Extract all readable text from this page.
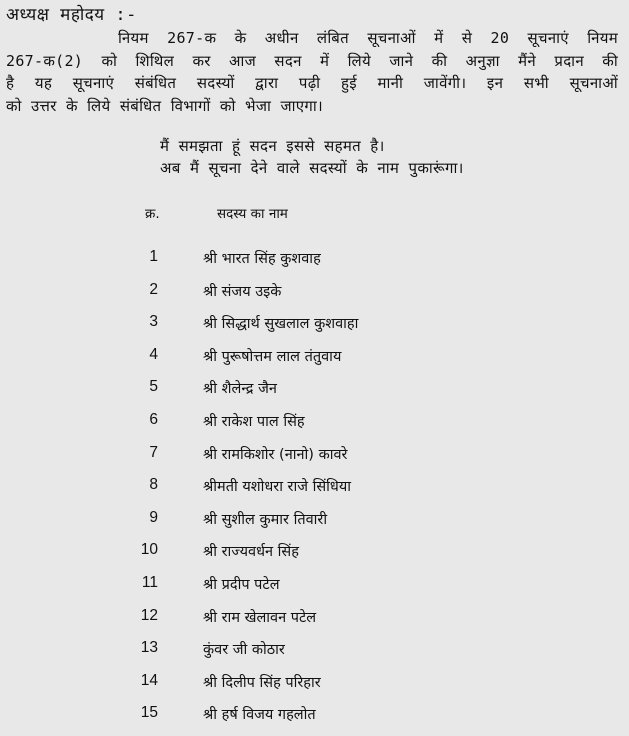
अध्यक्ष महोदय :-
नियम 267-क के अधीन लंबित सूचनाओं में से 20 सूचनाएं नियम
267-क(2) को शिथिल कर आज सदन में लिये जाने की अनुज्ञा मैंने प्रदान की
है यह सूचनाएं संबंधित सदस्यों द्वारा पढ़ी हुई मानी जावेंगी। इन सभी सूचनाओं
को उत्तर के लिये संबंधित विभागों को भेजा जाएगा।
मैं समझता हूं सदन इससे सहमत है।
अब मैं सूचना देने वाले सदस्यों के नाम पुकारूंगा।
क्र.	सदस्य का नाम
1	श्री भारत सिंह कुशवाह
2	श्री संजय उइके
3	श्री सिद्धार्थ सुखलाल कुशवाहा
4	श्री पुरूषोत्तम लाल तंतुवाय
5	श्री शैलेन्द्र जैन
6	श्री राकेश पाल सिंह
7	श्री रामकिशोर (नानो) कावरे
8	श्रीमती यशोधरा राजे सिंधिया
9	श्री सुशील कुमार तिवारी
10	श्री राज्यवर्धन सिंह
11	श्री प्रदीप पटेल
12	श्री राम खेलावन पटेल
13	कुंवर जी कोठार
14	श्री दिलीप सिंह परिहार
15	श्री हर्ष विजय गहलोत
